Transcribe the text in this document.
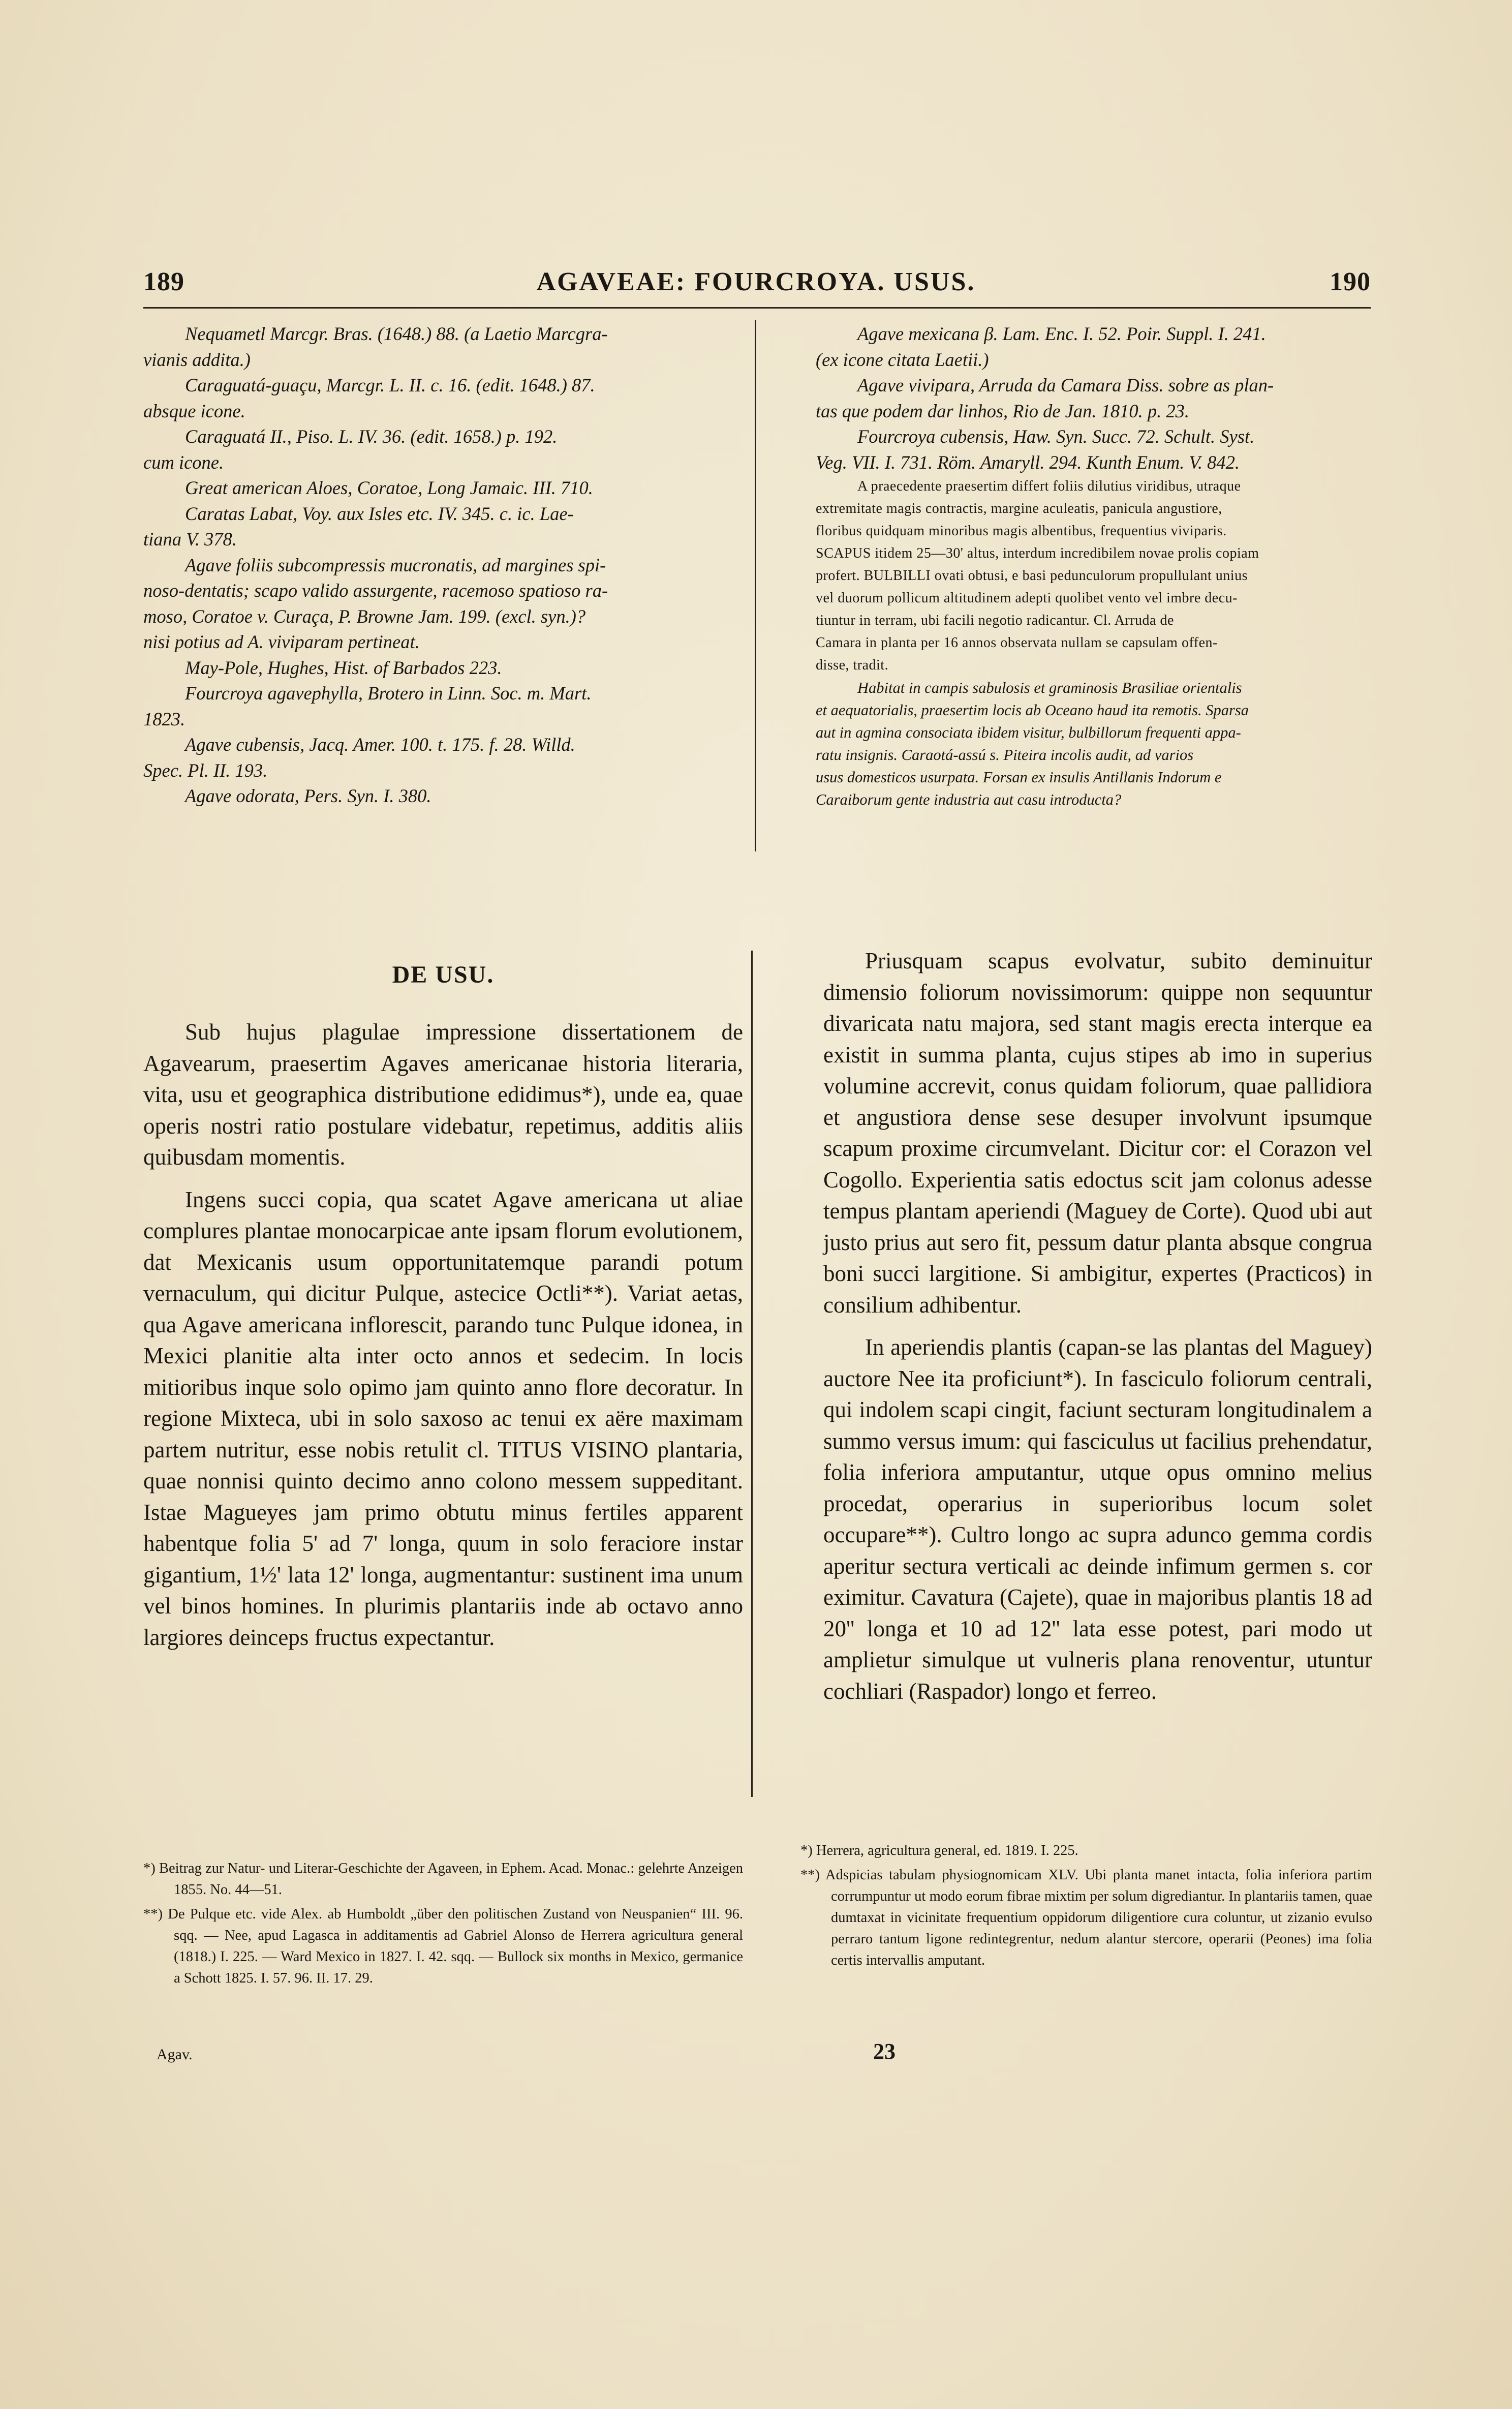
189	AGAVEAE: FOURCROYA. USUS.	190

Nequametl Marcgr. Bras. (1648.) 88. (a Laetio Marcgra-

vianis addita.)

Caraguatá-guaçu, Marcgr. L. II. c. 16. (edit. 1648.) 87.

absque icone.

Caraguatá II., Piso. L. IV. 36. (edit. 1658.) p. 192.

cum icone.

Great american Aloes, Coratoe, Long Jamaic. III. 710.

Caratas Labat, Voy. aux Isles etc. IV. 345. c. ic. Lae-

tiana V. 378.

Agave foliis subcompressis mucronatis, ad margines spi-

noso-dentatis; scapo valido assurgente, racemoso spatioso ra-

moso, Coratoe v. Curaça, P. Browne Jam. 199. (excl. syn.)?

nisi potius ad A. viviparam pertineat.

May-Pole, Hughes, Hist. of Barbados 223.

Fourcroya agavephylla, Brotero in Linn. Soc. m. Mart.

1823.

Agave cubensis, Jacq. Amer. 100. t. 175. f. 28. Willd.

Spec. Pl. II. 193.

Agave odorata, Pers. Syn. I. 380.

Agave mexicana β. Lam. Enc. I. 52. Poir. Suppl. I. 241.

(ex icone citata Laetii.)

Agave vivipara, Arruda da Camara Diss. sobre as plan-

tas que podem dar linhos, Rio de Jan. 1810. p. 23.

Fourcroya cubensis, Haw. Syn. Succ. 72. Schult. Syst.

Veg. VII. I. 731. Röm. Amaryll. 294. Kunth Enum. V. 842.

A praecedente praesertim differt foliis dilutius viridibus, utraque

extremitate magis contractis, margine aculeatis, panicula angustiore,

floribus quidquam minoribus magis albentibus, frequentius viviparis.

SCAPUS itidem 25—30' altus, interdum incredibilem novae prolis copiam

profert. BULBILLI ovati obtusi, e basi pedunculorum propullulant unius

vel duorum pollicum altitudinem adepti quolibet vento vel imbre decu-

tiuntur in terram, ubi facili negotio radicantur. Cl. Arruda de

Camara in planta per 16 annos observata nullam se capsulam offen-

disse, tradit.

Habitat in campis sabulosis et graminosis Brasiliae orientalis

et aequatorialis, praesertim locis ab Oceano haud ita remotis. Sparsa

aut in agmina consociata ibidem visitur, bulbillorum frequenti appa-

ratu insignis. Caraotá-assú s. Piteira incolis audit, ad varios

usus domesticos usurpata. Forsan ex insulis Antillanis Indorum e

Caraiborum gente industria aut casu introducta?

DE USU.

Sub hujus plagulae impressione dissertationem de Agavearum, praesertim Agaves americanae historia literaria, vita, usu et geographica distributione edidimus*), unde ea, quae operis nostri ratio postulare videbatur, repetimus, additis aliis quibusdam momentis.

Ingens succi copia, qua scatet Agave americana ut aliae complures plantae monocarpicae ante ipsam florum evolutionem, dat Mexicanis usum opportunitatemque parandi potum vernaculum, qui dicitur Pulque, astecice Octli**). Variat aetas, qua Agave americana inflorescit, parando tunc Pulque idonea, in Mexici planitie alta inter octo annos et sedecim. In locis mitioribus inque solo opimo jam quinto anno flore decoratur. In regione Mixteca, ubi in solo saxoso ac tenui ex aëre maximam partem nutritur, esse nobis retulit cl. TITUS VISINO plantaria, quae nonnisi quinto decimo anno colono messem suppeditant. Istae Magueyes jam primo obtutu minus fertiles apparent habentque folia 5' ad 7' longa, quum in solo feraciore instar gigantium, 1½' lata 12' longa, augmentantur: sustinent ima unum vel binos homines. In plurimis plantariis inde ab octavo anno largiores deinceps fructus expectantur.

Priusquam scapus evolvatur, subito deminuitur dimensio foliorum novissimorum: quippe non sequuntur divaricata natu majora, sed stant magis erecta interque ea existit in summa planta, cujus stipes ab imo in superius volumine accrevit, conus quidam foliorum, quae pallidiora et angustiora dense sese desuper involvunt ipsumque scapum proxime circumvelant. Dicitur cor: el Corazon vel Cogollo. Experientia satis edoctus scit jam colonus adesse tempus plantam aperiendi (Maguey de Corte). Quod ubi aut justo prius aut sero fit, pessum datur planta absque congrua boni succi largitione. Si ambigitur, expertes (Practicos) in consilium adhibentur.

In aperiendis plantis (capan-se las plantas del Maguey) auctore Nee ita proficiunt*). In fasciculo foliorum centrali, qui indolem scapi cingit, faciunt secturam longitudinalem a summo versus imum: qui fasciculus ut facilius prehendatur, folia inferiora amputantur, utque opus omnino melius procedat, operarius in superioribus locum solet occupare**). Cultro longo ac supra adunco gemma cordis aperitur sectura verticali ac deinde infimum germen s. cor eximitur. Cavatura (Cajete), quae in majoribus plantis 18 ad 20'' longa et 10 ad 12'' lata esse potest, pari modo ut amplietur simulque ut vulneris plana renoventur, utuntur cochliari (Raspador) longo et ferreo.

*) Beitrag zur Natur- und Literar-Geschichte der Agaveen, in Ephem. Acad. Monac.: gelehrte Anzeigen 1855. No. 44—51.

**) De Pulque etc. vide Alex. ab Humboldt „über den politischen Zustand von Neuspanien“ III. 96. sqq. — Nee, apud Lagasca in additamentis ad Gabriel Alonso de Herrera agricultura general (1818.) I. 225. — Ward Mexico in 1827. I. 42. sqq. — Bullock six months in Mexico, germanice a Schott 1825. I. 57. 96. II. 17. 29.

*) Herrera, agricultura general, ed. 1819. I. 225.

**) Adspicias tabulam physiognomicam XLV. Ubi planta manet intacta, folia inferiora partim corrumpuntur ut modo eorum fibrae mixtim per solum digrediantur. In plantariis tamen, quae dumtaxat in vicinitate frequentium oppidorum diligentiore cura coluntur, ut zizanio evulso perraro tantum ligone redintegrentur, nedum alantur stercore, operarii (Peones) ima folia certis intervallis amputant.

Agav.	23
